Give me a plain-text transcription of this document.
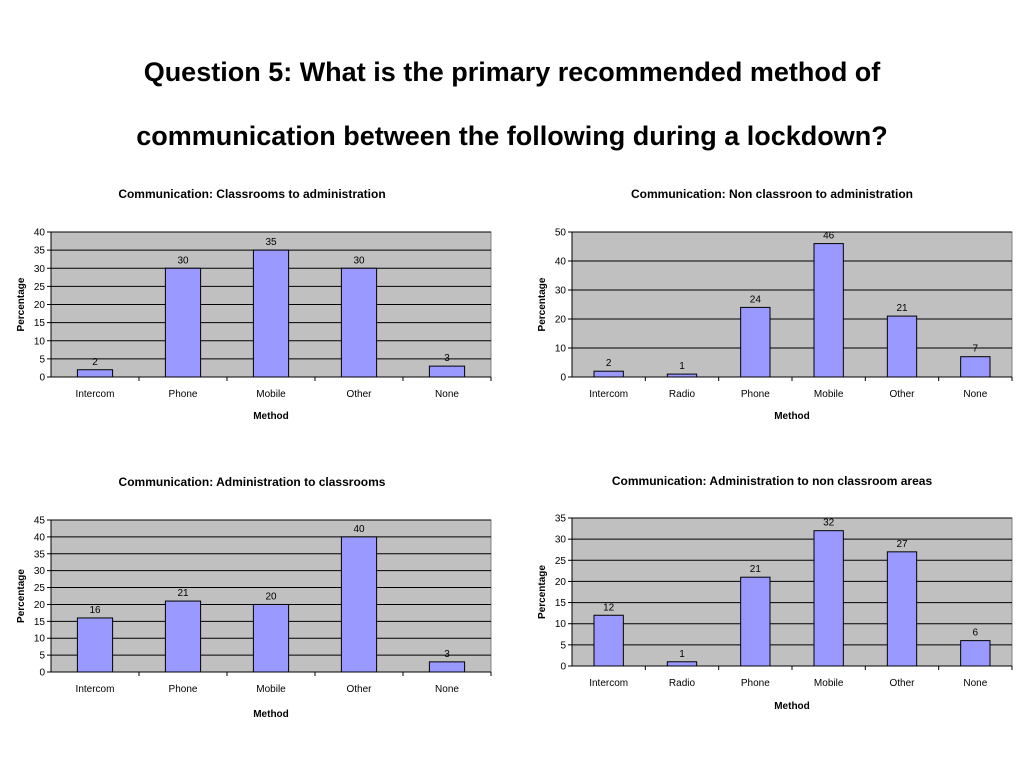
Question 5: What is the primary recommended method of
communication between the following during a lockdown?
Communication: Classrooms to administration
0
5
10
15
20
25
30
35
40
2
Intercom
30
Phone
35
Mobile
30
Other
3
None
Method
Percentage
Communication: Non classroon to administration
0
10
20
30
40
50
2
Intercom
1
Radio
24
Phone
46
Mobile
21
Other
7
None
Method
Percentage
Communication: Administration to classrooms
0
5
10
15
20
25
30
35
40
45
16
Intercom
21
Phone
20
Mobile
40
Other
3
None
Method
Percentage
Communication: Administration to non classroom areas
0
5
10
15
20
25
30
35
12
Intercom
1
Radio
21
Phone
32
Mobile
27
Other
6
None
Method
Percentage
